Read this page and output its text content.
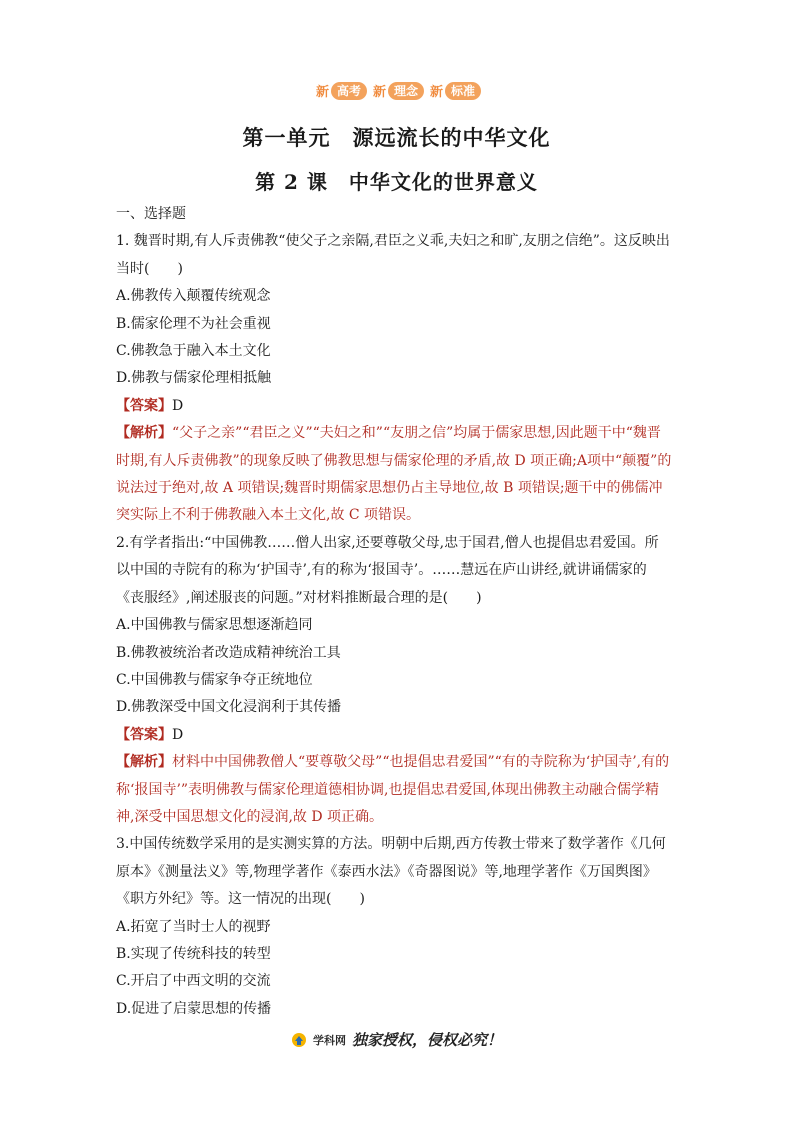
新 高考 新 理念 新 标准
第一单元　源远流长的中华文化
第 2 课　中华文化的世界意义

一、选择题

1. 魏晋时期,有人斥责佛教“使父子之亲隔,君臣之义乖,夫妇之和旷,友朋之信绝”。这反映出当时(　　)

A.佛教传入颠覆传统观念

B.儒家伦理不为社会重视

C.佛教急于融入本土文化

D.佛教与儒家伦理相抵触

【答案】D

【解析】“父子之亲”“君臣之义”“夫妇之和”“友朋之信”均属于儒家思想,因此题干中“魏晋时期,有人斥责佛教”的现象反映了佛教思想与儒家伦理的矛盾,故 D 项正确;A项中“颠覆”的说法过于绝对,故 A 项错误;魏晋时期儒家思想仍占主导地位,故 B 项错误;题干中的佛儒冲突实际上不利于佛教融入本土文化,故 C 项错误。

2.有学者指出:“中国佛教……僧人出家,还要尊敬父母,忠于国君,僧人也提倡忠君爱国。所以中国的寺院有的称为‘护国寺’,有的称为‘报国寺’。……慧远在庐山讲经,就讲诵儒家的《丧服经》,阐述服丧的问题。”对材料推断最合理的是(　　)

A.中国佛教与儒家思想逐渐趋同

B.佛教被统治者改造成精神统治工具

C.中国佛教与儒家争夺正统地位

D.佛教深受中国文化浸润利于其传播

【答案】D

【解析】材料中中国佛教僧人“要尊敬父母”“也提倡忠君爱国”“有的寺院称为‘护国寺’,有的称‘报国寺’”表明佛教与儒家伦理道德相协调,也提倡忠君爱国,体现出佛教主动融合儒学精神,深受中国思想文化的浸润,故 D 项正确。

3.中国传统数学采用的是实测实算的方法。明朝中后期,西方传教士带来了数学著作《几何原本》《测量法义》等,物理学著作《泰西水法》《奇器图说》等,地理学著作《万国舆图》《职方外纪》等。这一情况的出现(　　)

A.拓宽了当时士人的视野

B.实现了传统科技的转型

C.开启了中西文明的交流

D.促进了启蒙思想的传播

学科网 独家授权，侵权必究！
